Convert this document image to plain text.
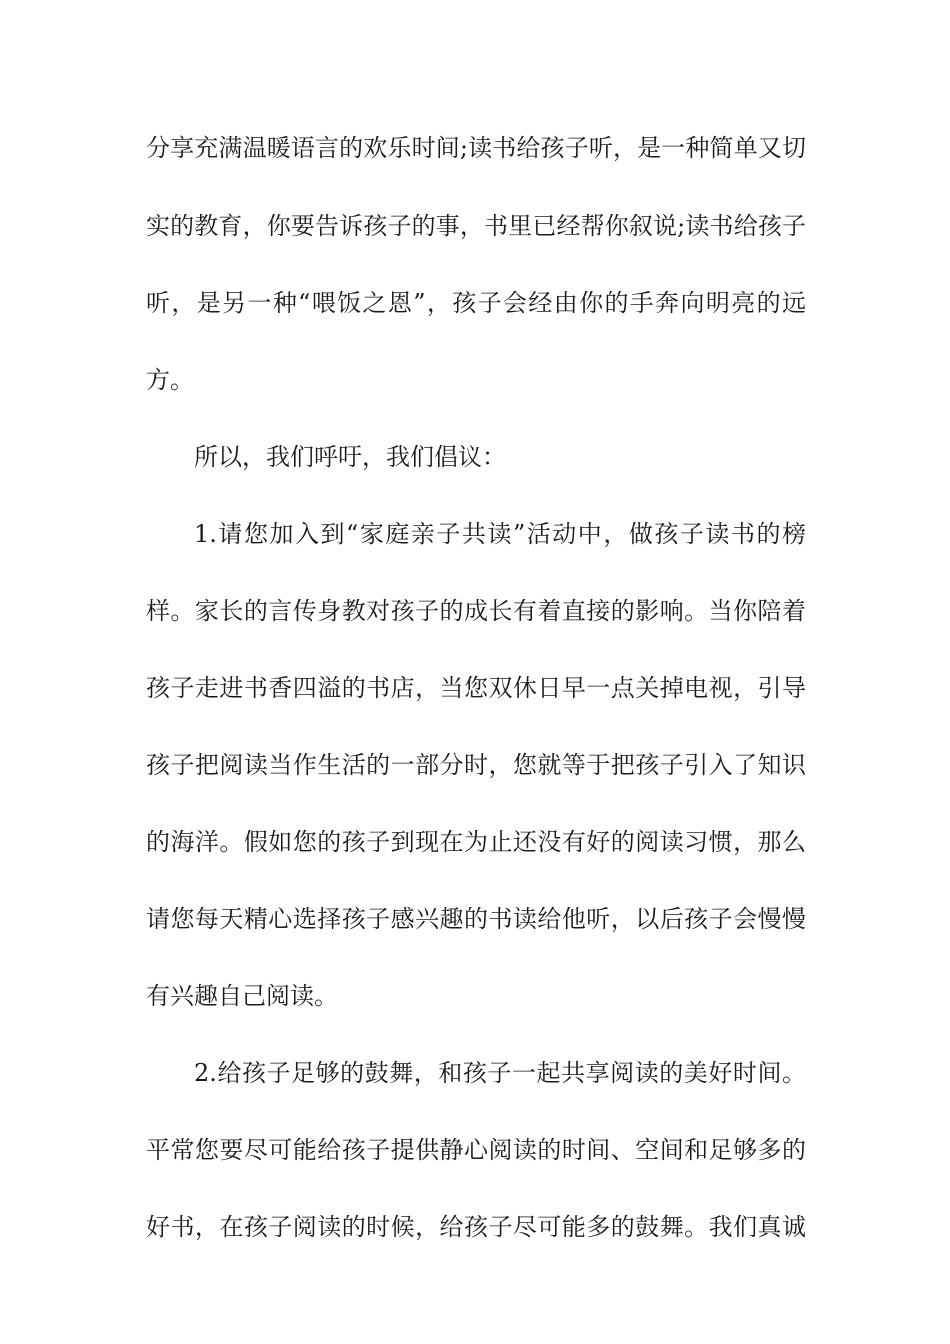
分享充满温暖语言的欢乐时间;读书给孩子听，是一种简单又切
实的教育，你要告诉孩子的事，书里已经帮你叙说;读书给孩子
听，是另一种“喂饭之恩”，孩子会经由你的手奔向明亮的远
方。
所以，我们呼吁，我们倡议：
1.请您加入到“家庭亲子共读”活动中，做孩子读书的榜
样。家长的言传身教对孩子的成长有着直接的影响。当你陪着
孩子走进书香四溢的书店，当您双休日早一点关掉电视，引导
孩子把阅读当作生活的一部分时，您就等于把孩子引入了知识
的海洋。假如您的孩子到现在为止还没有好的阅读习惯，那么
请您每天精心选择孩子感兴趣的书读给他听，以后孩子会慢慢
有兴趣自己阅读。
2.给孩子足够的鼓舞，和孩子一起共享阅读的美好时间。
平常您要尽可能给孩子提供静心阅读的时间、空间和足够多的
好书，在孩子阅读的时候，给孩子尽可能多的鼓舞。我们真诚
